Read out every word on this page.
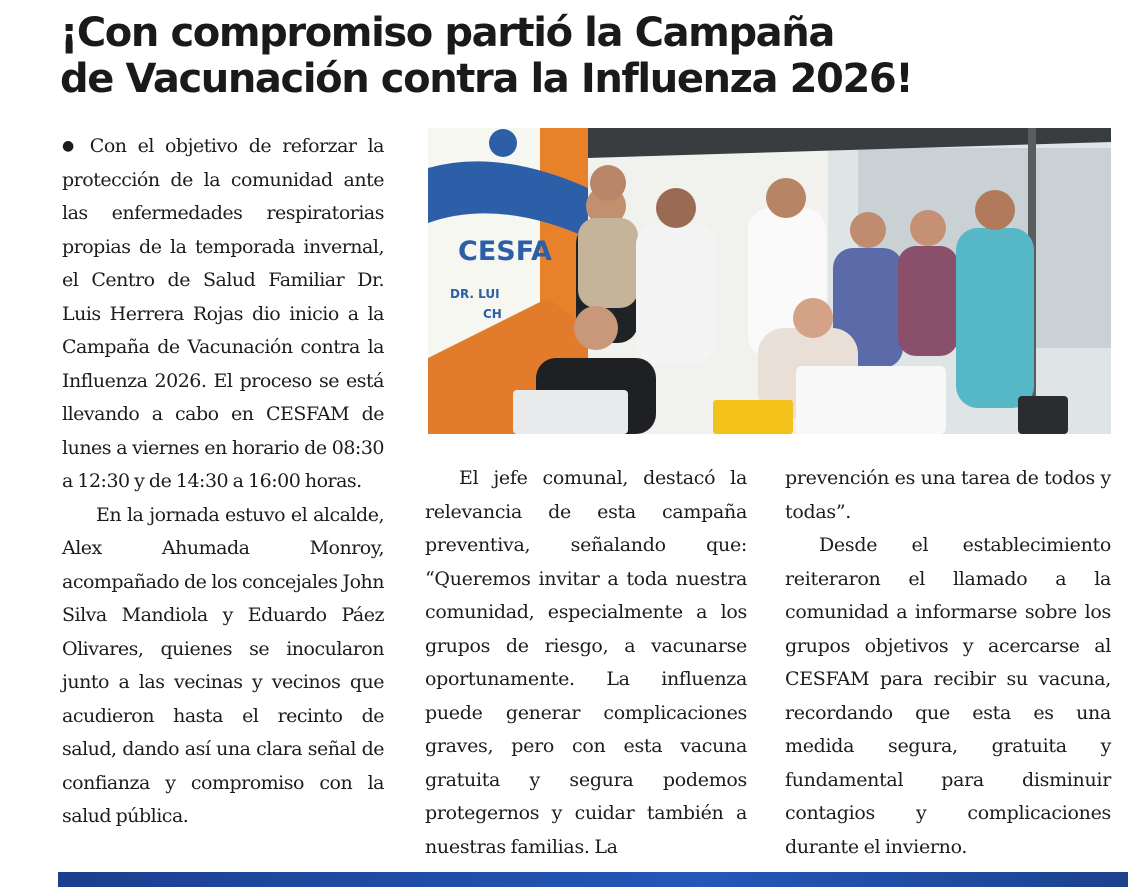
¡Con compromiso partió la Campaña
de Vacunación contra la Influenza 2026!

● Con el objetivo de reforzar la protección de la comunidad ante las enfermedades respiratorias propias de la temporada invernal, el Centro de Salud Familiar Dr. Luis Herrera Rojas dio inicio a la Campaña de Vacunación contra la Influenza 2026. El proceso se está llevando a cabo en CESFAM de lunes a viernes en horario de 08:30 a 12:30 y de 14:30 a 16:00 horas.

En la jornada estuvo el alcalde, Alex Ahumada Monroy, acompañado de los concejales John Silva Mandiola y Eduardo Páez Olivares, quienes se inocularon junto a las vecinas y vecinos que acudieron hasta el recinto de salud, dando así una clara señal de confianza y compromiso con la salud pública.

CESFA
DR. LUI
CH

El jefe comunal, destacó la relevancia de esta campaña preventiva, señalando que: “Queremos invitar a toda nuestra comunidad, especialmente a los grupos de riesgo, a vacunarse oportunamente. La influenza puede generar complicaciones graves, pero con esta vacuna gratuita y segura podemos protegernos y cuidar también a nuestras familias. La

prevención es una tarea de todos y todas”.

Desde el establecimiento reiteraron el llamado a la comunidad a informarse sobre los grupos objetivos y acercarse al CESFAM para recibir su vacuna, recordando que esta es una medida segura, gratuita y fundamental para disminuir contagios y complicaciones durante el invierno.
